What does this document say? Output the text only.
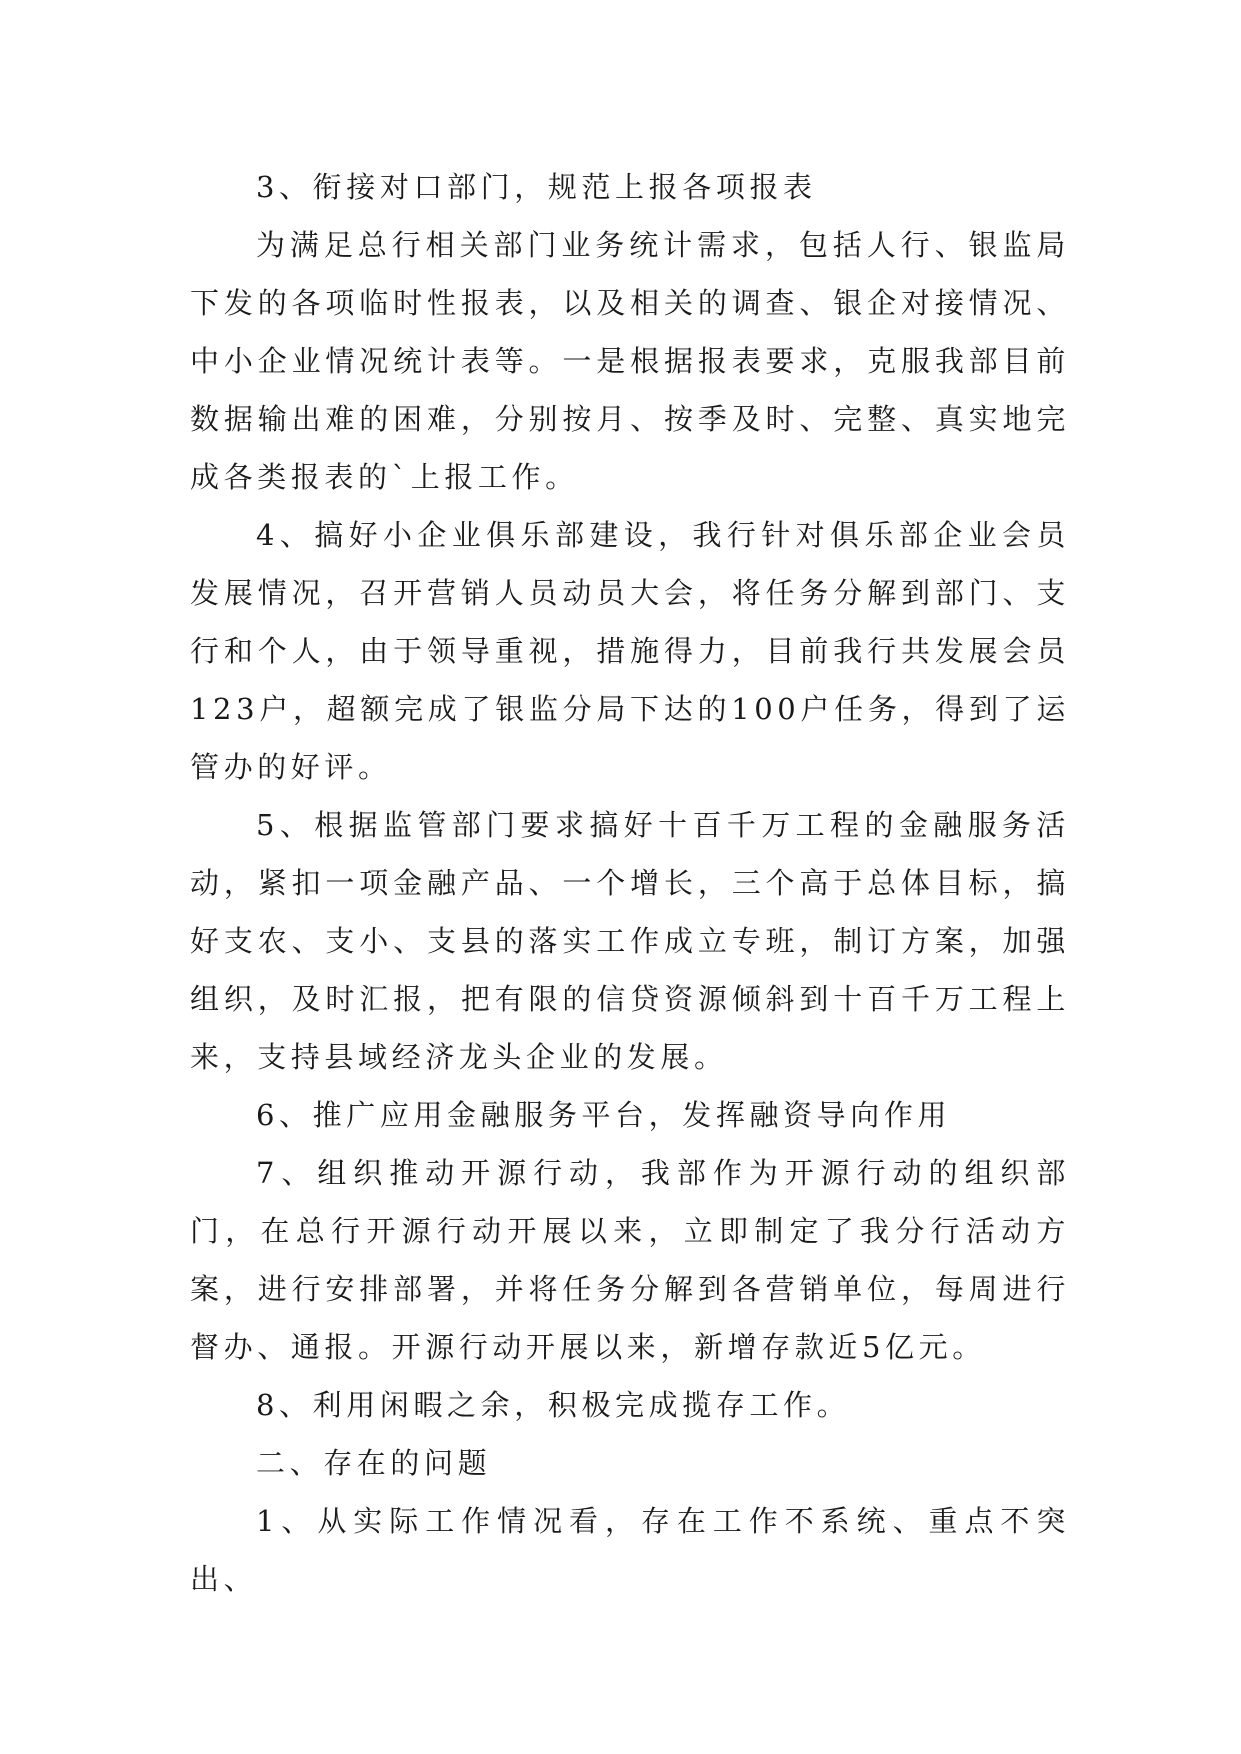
3、衔接对口部门，规范上报各项报表

为满足总行相关部门业务统计需求，包括人行、银监局下发的各项临时性报表，以及相关的调查、银企对接情况、中小企业情况统计表等。一是根据报表要求，克服我部目前数据输出难的困难，分别按月、按季及时、完整、真实地完成各类报表的`上报工作。

4、搞好小企业俱乐部建设，我行针对俱乐部企业会员发展情况，召开营销人员动员大会，将任务分解到部门、支行和个人，由于领导重视，措施得力，目前我行共发展会员123户，超额完成了银监分局下达的100户任务，得到了运管办的好评。

5、根据监管部门要求搞好十百千万工程的金融服务活动，紧扣一项金融产品、一个增长，三个高于总体目标，搞好支农、支小、支县的落实工作成立专班，制订方案，加强组织，及时汇报，把有限的信贷资源倾斜到十百千万工程上来，支持县域经济龙头企业的发展。

6、推广应用金融服务平台，发挥融资导向作用

7、组织推动开源行动，我部作为开源行动的组织部门，在总行开源行动开展以来，立即制定了我分行活动方案，进行安排部署，并将任务分解到各营销单位，每周进行督办、通报。开源行动开展以来，新增存款近5亿元。

8、利用闲暇之余，积极完成揽存工作。

二、存在的问题

1、从实际工作情况看，存在工作不系统、重点不突出、
